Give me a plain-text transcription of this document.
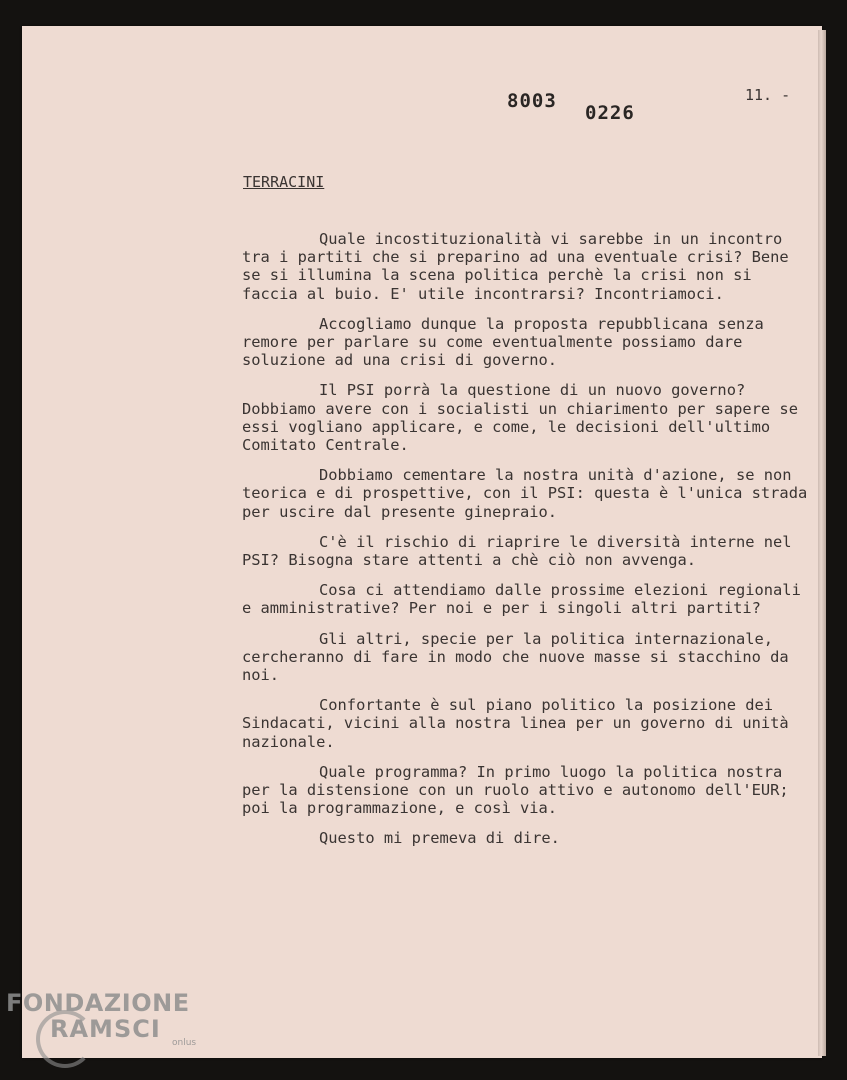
8003
0226
11. -
TERRACINI

Quale incostituzionalità vi sarebbe in un incontro tra i partiti che si preparino ad una eventuale crisi? Bene se si illumina la scena politica perchè la crisi non si faccia al buio. E' utile incontrarsi? Incontriamoci.

Accogliamo dunque la proposta repubblicana senza remore per parlare su come eventualmente possiamo dare soluzione ad una crisi di governo.

Il PSI porrà la questione di un nuovo governo? Dobbiamo avere con i socialisti un chiarimento per sapere se essi vogliano applicare, e come, le decisioni dell'ultimo Comitato Centrale.

Dobbiamo cementare la nostra unità d'azione, se non teorica e di prospettive, con il PSI: questa è l'unica strada per uscire dal presente ginepraio.

C'è il rischio di riaprire le diversità interne nel PSI? Bisogna stare attenti a chè ciò non avvenga.

Cosa ci attendiamo dalle prossime elezioni regionali e amministrative? Per noi e per i singoli altri partiti?

Gli altri, specie per la politica internazionale, cercheranno di fare in modo che nuove masse si stacchino da noi.

Confortante è sul piano politico la posizione dei Sindacati, vicini alla nostra linea per un governo di unità nazionale.

Quale programma? In primo luogo la politica nostra per la distensione con un ruolo attivo e autonomo dell'EUR; poi la programmazione, e così via.

Questo mi premeva di dire.

FONDAZIONE
RAMSCI	onlus
